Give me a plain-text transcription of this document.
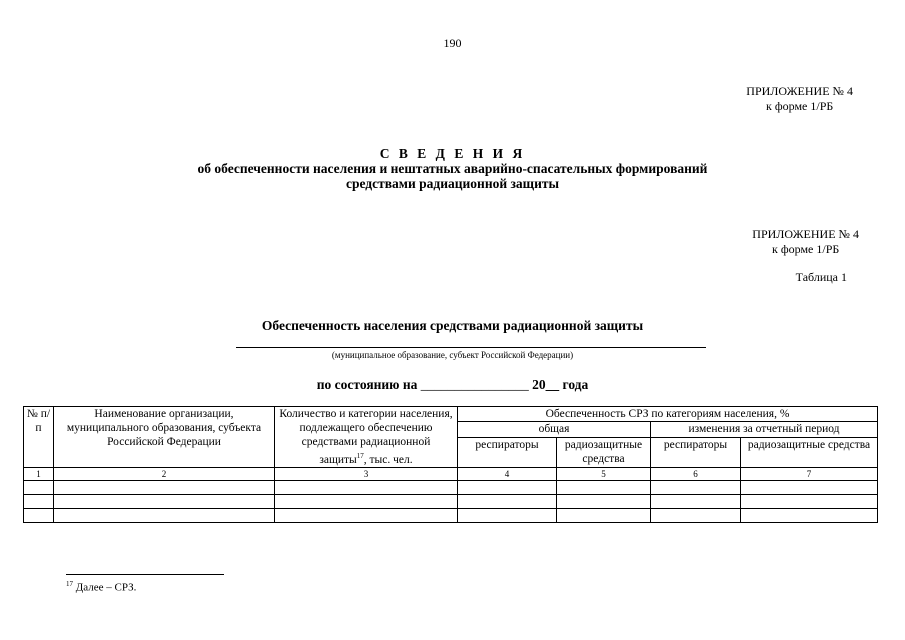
190
ПРИЛОЖЕНИЕ № 4
к форме 1/РБ
С В Е Д Е Н И Я
об обеспеченности населения и нештатных аварийно-спасательных формирований
средствами радиационной защиты
ПРИЛОЖЕНИЕ № 4
к форме 1/РБ
Таблица 1
Обеспеченность населения средствами радиационной защиты
(муниципальное образование, субъект Российской Федерации)
по состоянию на ________________ 20__ года
№ п/п	Наименование организации, муниципального образования, субъекта Российской Федерации	Количество и категории населения, подлежащего обеспечению средствами радиационной защиты$^{17}$, тыс. чел.	Обеспеченность СРЗ по категориям населения, %			
			общая		изменения за отчетный период	
			респираторы	радиозащитные средства	респираторы	радиозащитные средства
1	2	3	4	5	6	7

$^{17}$ Далее – СРЗ.
